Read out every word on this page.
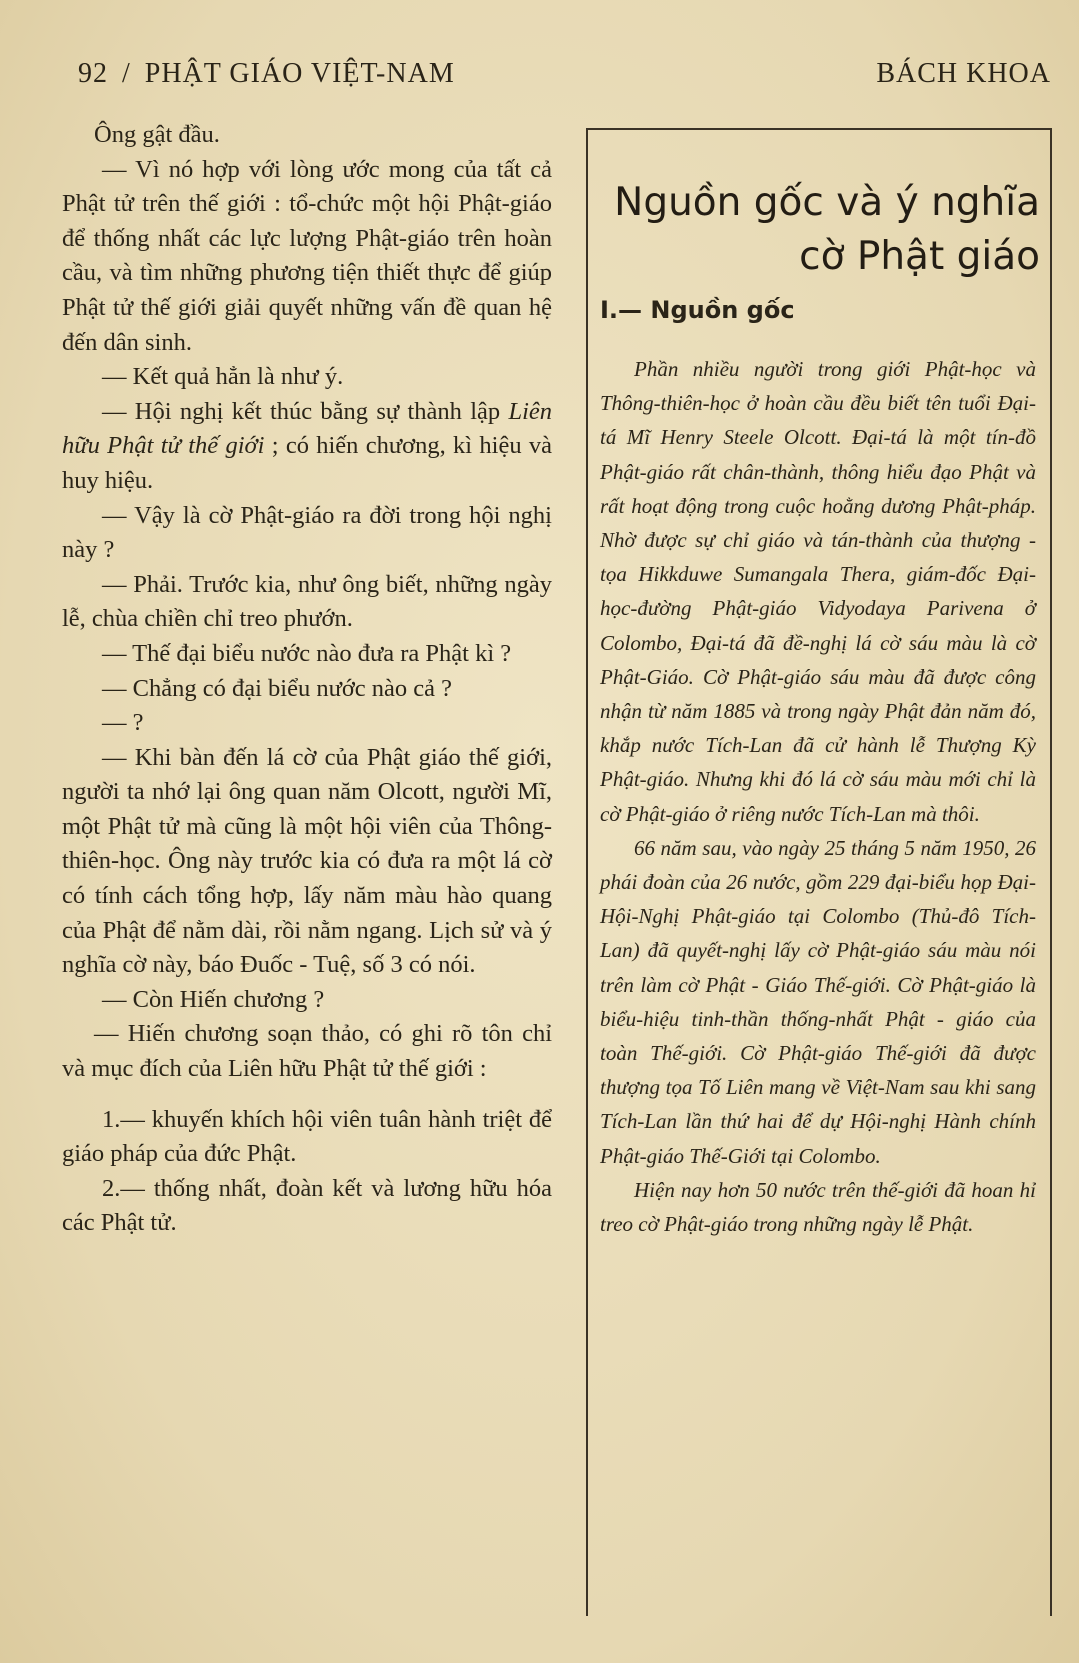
92 / PHẬT GIÁO VIỆT-NAM	BÁCH KHOA

Ông gật đầu.

— Vì nó hợp với lòng ước mong của tất cả Phật tử trên thế giới : tổ-chức một hội Phật-giáo để thống nhất các lực lượng Phật-giáo trên hoàn cầu, và tìm những phương tiện thiết thực để giúp Phật tử thế giới giải quyết những vấn đề quan hệ đến dân sinh.

— Kết quả hẳn là như ý.

— Hội nghị kết thúc bằng sự thành lập Liên hữu Phật tử thế giới ; có hiến chương, kì hiệu và huy hiệu.

— Vậy là cờ Phật-giáo ra đời trong hội nghị này ?

— Phải. Trước kia, như ông biết, những ngày lễ, chùa chiền chỉ treo phướn.

— Thế đại biểu nước nào đưa ra Phật kì ?

— Chẳng có đại biểu nước nào cả ?

— ?

— Khi bàn đến lá cờ của Phật giáo thế giới, người ta nhớ lại ông quan năm Olcott, người Mĩ, một Phật tử mà cũng là một hội viên của Thông-thiên-học. Ông này trước kia có đưa ra một lá cờ có tính cách tổng hợp, lấy năm màu hào quang của Phật để nằm dài, rồi nằm ngang. Lịch sử và ý nghĩa cờ này, báo Đuốc - Tuệ, số 3 có nói.

— Còn Hiến chương ?

— Hiến chương soạn thảo, có ghi rõ tôn chỉ và mục đích của Liên hữu Phật tử thế giới :

1.— khuyến khích hội viên tuân hành triệt để giáo pháp của đức Phật.

2.— thống nhất, đoàn kết và lương hữu hóa các Phật tử.

Nguồn gốc và ý nghĩa cờ Phật giáo
I.— Nguồn gốc

Phần nhiều người trong giới Phật-học và Thông-thiên-học ở hoàn cầu đều biết tên tuổi Đại-tá Mĩ Henry Steele Olcott. Đại-tá là một tín-đồ Phật-giáo rất chân-thành, thông hiểu đạo Phật và rất hoạt động trong cuộc hoằng dương Phật-pháp. Nhờ được sự chỉ giáo và tán-thành của thượng - tọa Hikkduwe Sumangala Thera, giám-đốc Đại-học-đường Phật-giáo Vidyodaya Parivena ở Colombo, Đại-tá đã đề-nghị lá cờ sáu màu là cờ Phật-Giáo. Cờ Phật-giáo sáu màu đã được công nhận từ năm 1885 và trong ngày Phật đản năm đó, khắp nước Tích-Lan đã cử hành lễ Thượng Kỳ Phật-giáo. Nhưng khi đó lá cờ sáu màu mới chỉ là cờ Phật-giáo ở riêng nước Tích-Lan mà thôi.

66 năm sau, vào ngày 25 tháng 5 năm 1950, 26 phái đoàn của 26 nước, gồm 229 đại-biểu họp Đại-Hội-Nghị Phật-giáo tại Colombo (Thủ-đô Tích-Lan) đã quyết-nghị lấy cờ Phật-giáo sáu màu nói trên làm cờ Phật - Giáo Thế-giới. Cờ Phật-giáo là biểu-hiệu tinh-thần thống-nhất Phật - giáo của toàn Thế-giới. Cờ Phật-giáo Thế-giới đã được thượng tọa Tố Liên mang về Việt-Nam sau khi sang Tích-Lan lần thứ hai để dự Hội-nghị Hành chính Phật-giáo Thế-Giới tại Colombo.

Hiện nay hơn 50 nước trên thế-giới đã hoan hỉ treo cờ Phật-giáo trong những ngày lễ Phật.
